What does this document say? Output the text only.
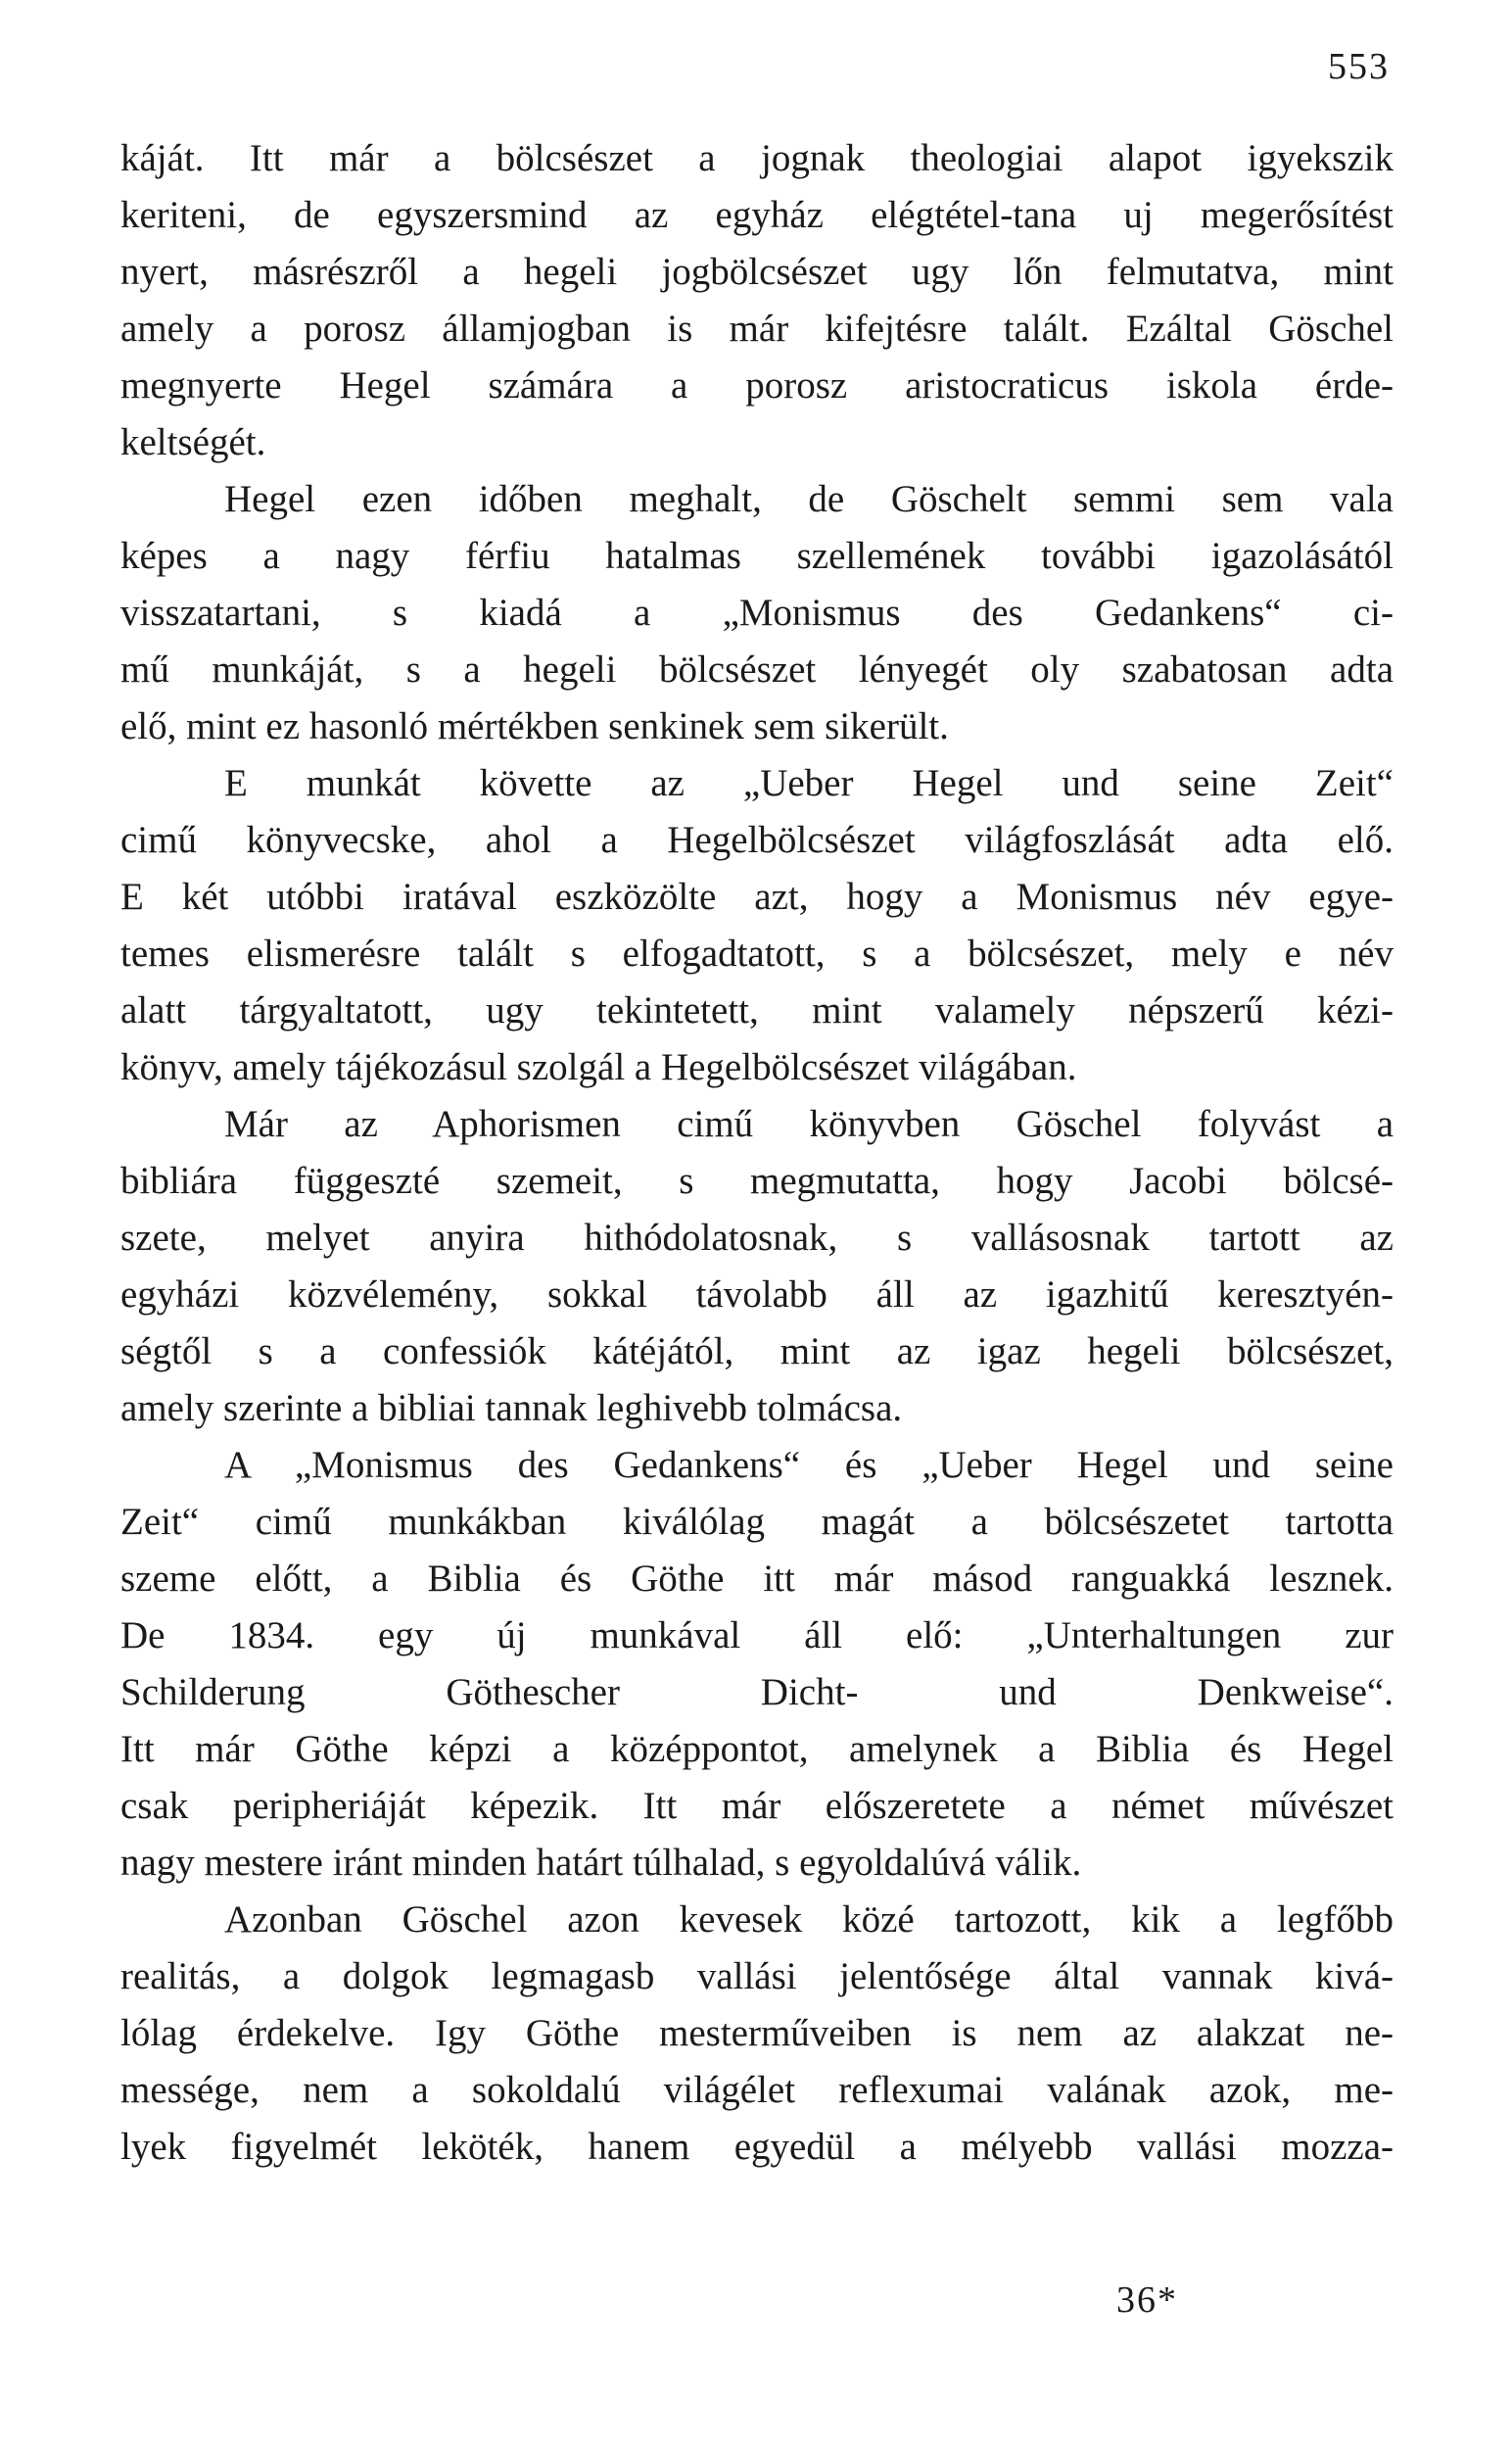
553
káját. Itt már a bölcsészet a jognak theologiai alapot igyekszik
keriteni, de egyszersmind az egyház elégtétel-tana uj megerősítést
nyert, másrészről a hegeli jogbölcsészet ugy lőn felmutatva, mint
amely a porosz államjogban is már kifejtésre talált. Ezáltal Göschel
megnyerte Hegel számára a porosz aristocraticus iskola érde-
keltségét.
Hegel ezen időben meghalt, de Göschelt semmi sem vala
képes a nagy férfiu hatalmas szellemének további igazolásától
visszatartani, s kiadá a „Monismus des Gedankens“ ci-
mű munkáját, s a hegeli bölcsészet lényegét oly szabatosan adta
elő, mint ez hasonló mértékben senkinek sem sikerült.
E munkát követte az „Ueber Hegel und seine Zeit“
cimű könyvecske, ahol a Hegelbölcsészet világfoszlását adta elő.
E két utóbbi iratával eszközölte azt, hogy a Monismus név egye-
temes elismerésre talált s elfogadtatott, s a bölcsészet, mely e név
alatt tárgyaltatott, ugy tekintetett, mint valamely népszerű kézi-
könyv, amely tájékozásul szolgál a Hegelbölcsészet világában.
Már az Aphorismen cimű könyvben Göschel folyvást a
bibliára függeszté szemeit, s megmutatta, hogy Jacobi bölcsé-
szete, melyet anyira hithódolatosnak, s vallásosnak tartott az
egyházi közvélemény, sokkal távolabb áll az igazhitű keresztyén-
ségtől s a confessiók kátéjától, mint az igaz hegeli bölcsészet,
amely szerinte a bibliai tannak leghivebb tolmácsa.
A „Monismus des Gedankens“ és „Ueber Hegel und seine
Zeit“ cimű munkákban kiválólag magát a bölcsészetet tartotta
szeme előtt, a Biblia és Göthe itt már másod ranguakká lesznek.
De 1834. egy új munkával áll elő: „Unterhaltungen zur
Schilderung Göthescher Dicht- und Denkweise“.
Itt már Göthe képzi a középpontot, amelynek a Biblia és Hegel
csak peripheriáját képezik. Itt már előszeretete a német művészet
nagy mestere iránt minden határt túlhalad, s egyoldalúvá válik.
Azonban Göschel azon kevesek közé tartozott, kik a legfőbb
realitás, a dolgok legmagasb vallási jelentősége által vannak kivá-
lólag érdekelve. Igy Göthe mesterműveiben is nem az alakzat ne-
messége, nem a sokoldalú világélet reflexumai valának azok, me-
lyek figyelmét leköték, hanem egyedül a mélyebb vallási mozza-
36*
